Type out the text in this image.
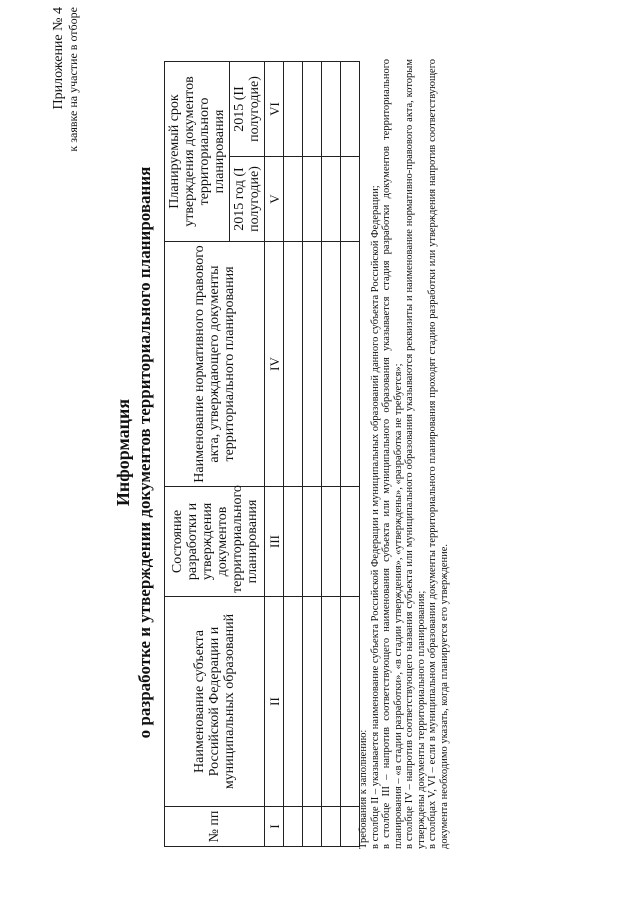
Приложение № 4 к заявке на участие в отборе
Информация о разработке и утверждении документов территориального планирования
№ пп	Наименование субъекта Российской Федерации и муниципальных образований	Состояние разработки и утверждения документов территориального планирования	Наименование нормативного правового акта, утверждающего документы территориального планирования	Планируемый срок утверждения документов территориального планирования	
				2015 год (I полугодие)	2015 (II полугодие)
I	II	III	IV	V	VI

Требования к заполнению: в столбце II – указывается наименование субъекта Российской Федерации и муниципальных образований данного субъекта Российской Федерации; в столбце III – напротив соответствующего наименования субъекта или муниципального образования указывается стадия разработки документов территориального планирования – «в стадии разработки», «в стадии утверждения», «утверждены», «разработка не требуется»; в столбце IV – напротив соответствующего названия субъекта или муниципального образования указываются реквизиты и наименование нормативно-правового акта, которым утверждены документы территориального планирования; в столбцах V, VI – если в муниципальном образовании документы территориального планирования проходят стадию разработки или утверждения напротив соответствующего документа необходимо указать, когда планируется его утверждение.
